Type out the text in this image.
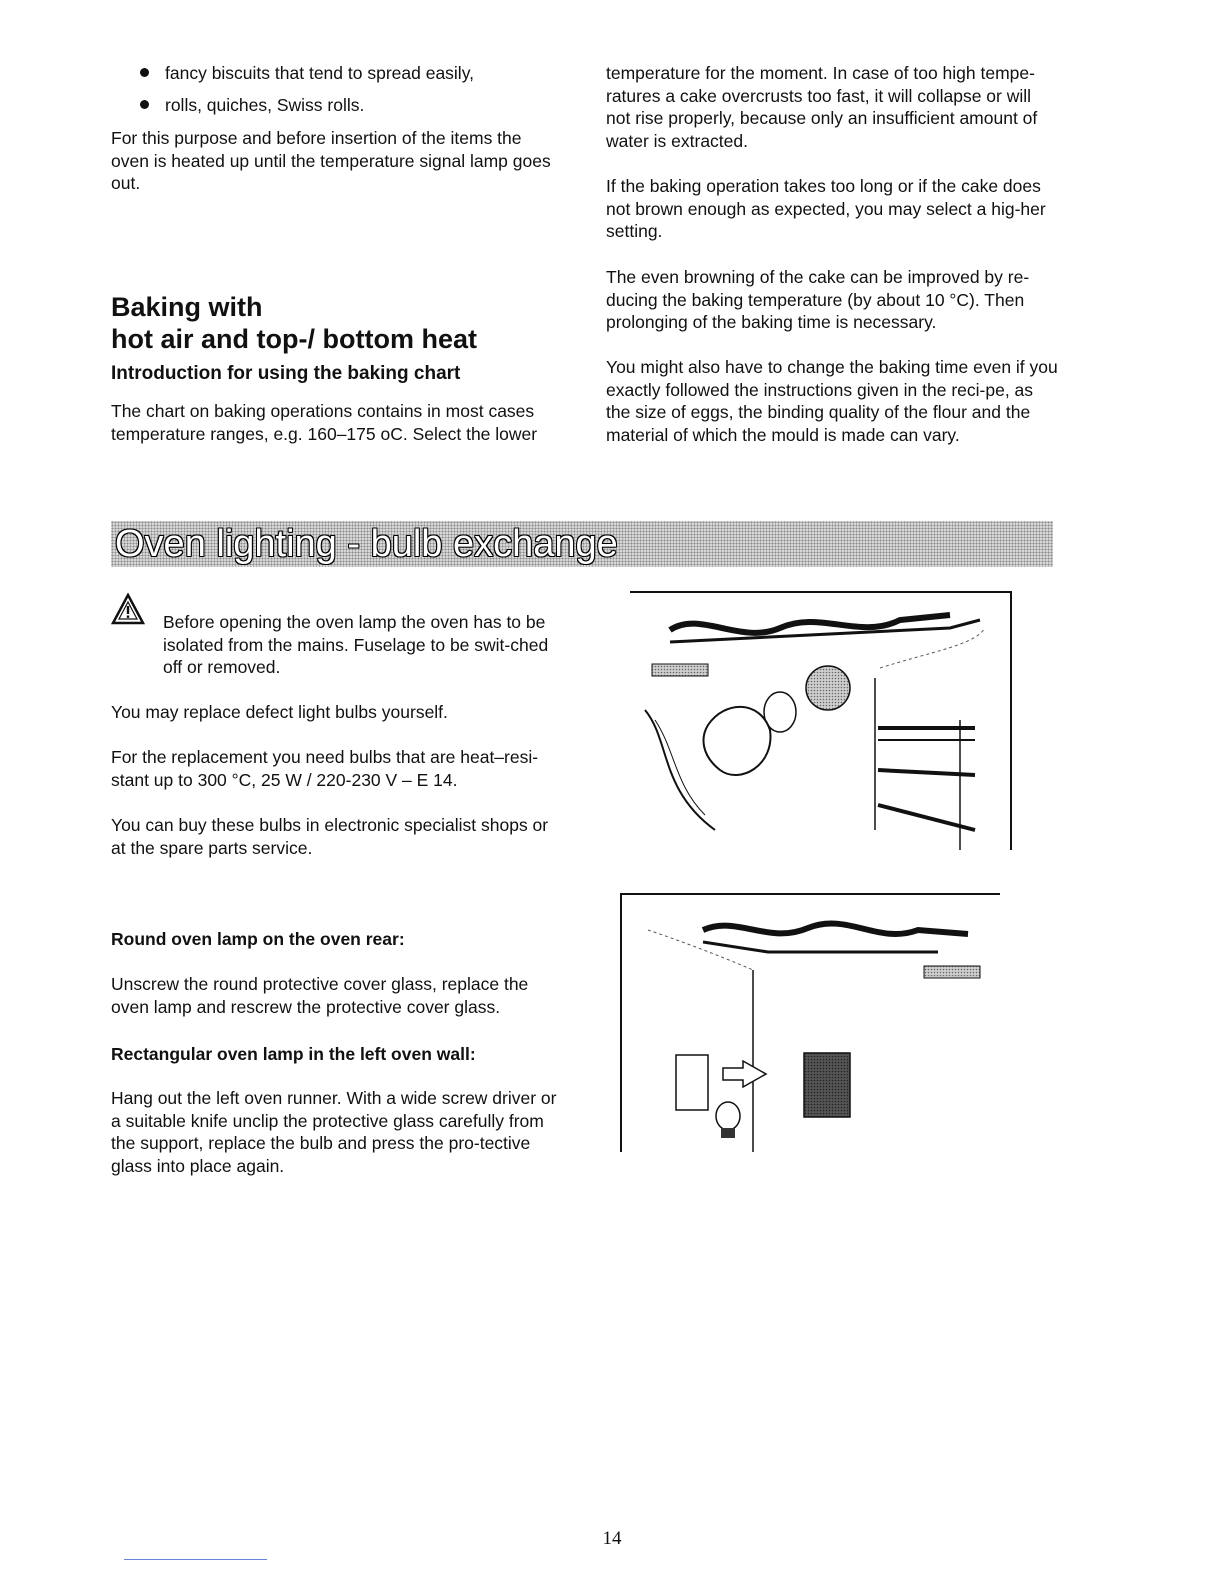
fancy biscuits that tend to spread easily,
rolls, quiches, Swiss rolls.

For this purpose and before insertion of the items the oven is heated up until the temperature signal lamp goes out.

Baking with
hot air and top-/ bottom heat
Introduction for using the baking chart

The chart on baking operations contains in most cases temperature ranges, e.g. 160–175 oC. Select the lower

temperature for the moment. In case of too high tempe-ratures a cake overcrusts too fast, it will collapse or will not rise properly, because only an insufficient amount of water is extracted.

If the baking operation takes too long or if the cake does not brown enough as expected, you may select a hig-her setting.

The even browning of the cake can be improved by re-ducing the baking temperature (by about 10 °C). Then prolonging of the baking time is necessary.

You might also have to change the baking time even if you exactly followed the instructions given in the reci-pe, as the size of eggs, the binding quality of the flour and the material of which the mould is made can vary.

Oven lighting - bulb exchange

Before opening the oven lamp the oven has to be isolated from the mains. Fuselage to be swit-ched off or removed.

You may replace defect light bulbs yourself.

For the replacement you need bulbs that are heat–resi-stant up to 300 °C, 25 W / 220-230 V – E 14.

You can buy these bulbs in electronic specialist shops or at the spare parts service.

Round oven lamp on the oven rear:

Unscrew the round protective cover glass, replace the oven lamp and rescrew the protective cover glass.

Rectangular oven lamp in the left oven wall:

Hang out the left oven runner. With a wide screw driver or a suitable knife unclip the protective glass carefully from the support, replace the bulb and press the pro-tective glass into place again.

14
